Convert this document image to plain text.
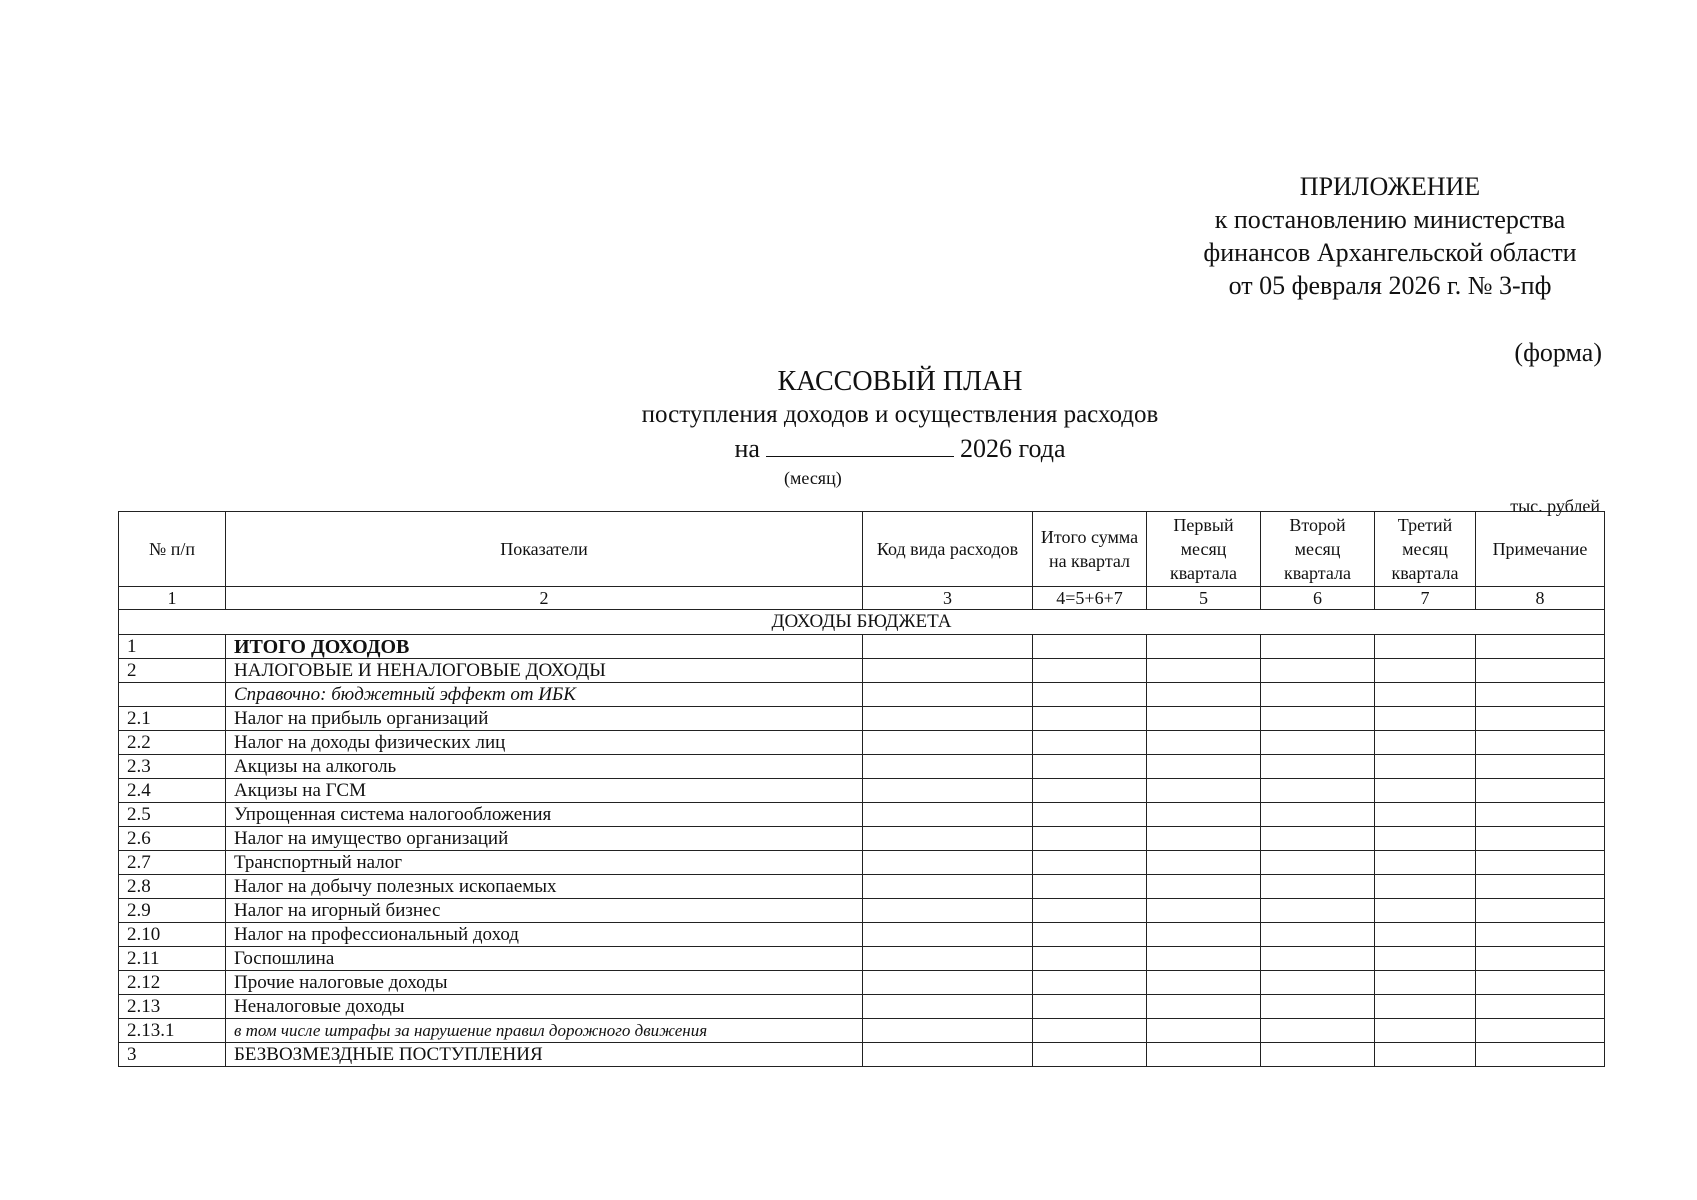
ПРИЛОЖЕНИЕ
к постановлению министерства
финансов Архангельской области
от 05 февраля 2026 г. № 3-пф
(форма)
КАССОВЫЙ ПЛАН
поступления доходов и осуществления расходов
на	2026 года
(месяц)
тыс. рублей
№ п/п	Показатели	Код вида расходов	Итого сумма на квартал	Первый месяц квартала	Второй месяц квартала	Третий месяц квартала	Примечание
1	2	3	4=5+6+7	5	6	7	8
ДОХОДЫ БЮДЖЕТА							
1	ИТОГО ДОХОДОВ						
2	НАЛОГОВЫЕ И НЕНАЛОГОВЫЕ ДОХОДЫ						
	Справочно: бюджетный эффект от ИБК						
2.1	Налог на прибыль организаций						
2.2	Налог на доходы физических лиц						
2.3	Акцизы на алкоголь						
2.4	Акцизы на ГСМ						
2.5	Упрощенная система налогообложения						
2.6	Налог на имущество организаций						
2.7	Транспортный налог						
2.8	Налог на добычу полезных ископаемых						
2.9	Налог на игорный бизнес						
2.10	Налог на профессиональный доход						
2.11	Госпошлина						
2.12	Прочие налоговые доходы						
2.13	Неналоговые доходы						
2.13.1	в том числе штрафы за нарушение правил дорожного движения						
3	БЕЗВОЗМЕЗДНЫЕ ПОСТУПЛЕНИЯ						
